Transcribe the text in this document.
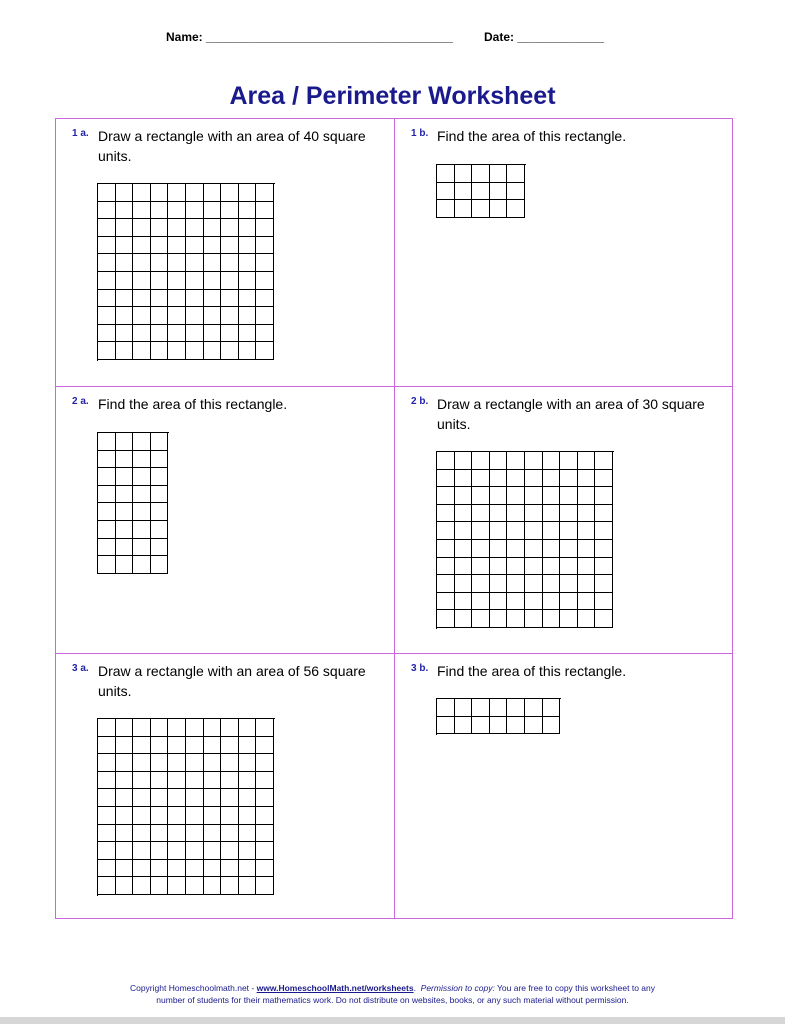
Name: _____________________________________	Date: _____________
Area / Perimeter Worksheet
1 a. Draw a rectangle with an area of 40 square units.
1 b. Find the area of this rectangle.
2 a. Find the area of this rectangle.	2 b. Draw a rectangle with an area of 30 square units.
3 a. Draw a rectangle with an area of 56 square units.
3 b. Find the area of this rectangle.
Copyright Homeschoolmath.net - www.HomeschoolMath.net/worksheets.  Permission to copy: You are free to copy this worksheet to any
number of students for their mathematics work. Do not distribute on websites, books, or any such material without permission.
